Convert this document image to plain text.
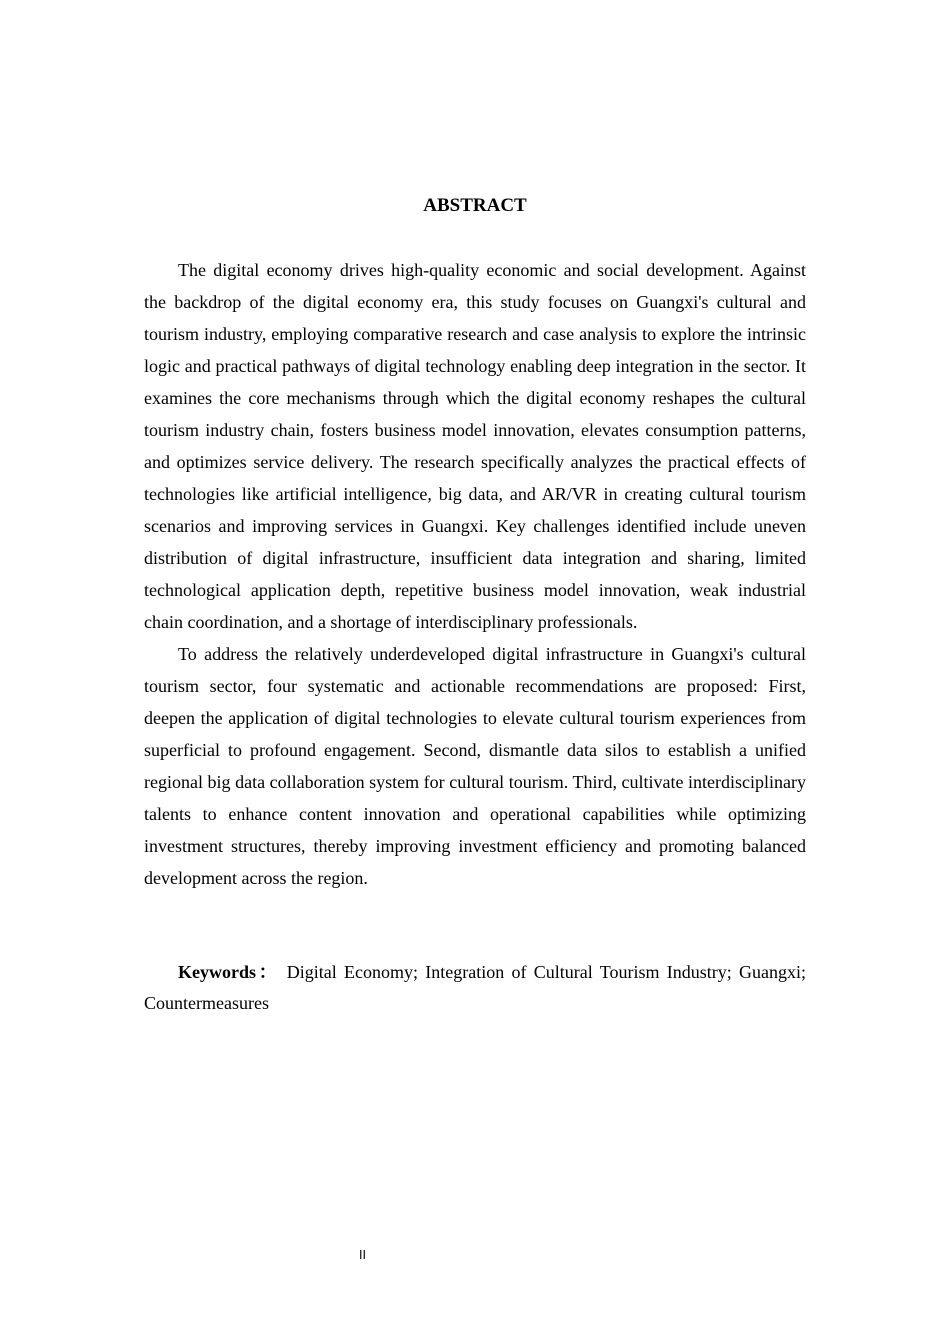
ABSTRACT

The digital economy drives high-quality economic and social development. Against the backdrop of the digital economy era, this study focuses on Guangxi's cultural and tourism industry, employing comparative research and case analysis to explore the intrinsic logic and practical pathways of digital technology enabling deep integration in the sector. It examines the core mechanisms through which the digital economy reshapes the cultural tourism industry chain, fosters business model innovation, elevates consumption patterns, and optimizes service delivery. The research specifically analyzes the practical effects of technologies like artificial intelligence, big data, and AR/VR in creating cultural tourism scenarios and improving services in Guangxi. Key challenges identified include uneven distribution of digital infrastructure, insufficient data integration and sharing, limited technological application depth, repetitive business model innovation, weak industrial chain coordination, and a shortage of interdisciplinary professionals.

To address the relatively underdeveloped digital infrastructure in Guangxi's cultural tourism sector, four systematic and actionable recommendations are proposed: First, deepen the application of digital technologies to elevate cultural tourism experiences from superficial to profound engagement. Second, dismantle data silos to establish a unified regional big data collaboration system for cultural tourism. Third, cultivate interdisciplinary talents to enhance content innovation and operational capabilities while optimizing investment structures, thereby improving investment efficiency and promoting balanced development across the region.

Keywords： Digital Economy; Integration of Cultural Tourism Industry; Guangxi; Countermeasures
II
